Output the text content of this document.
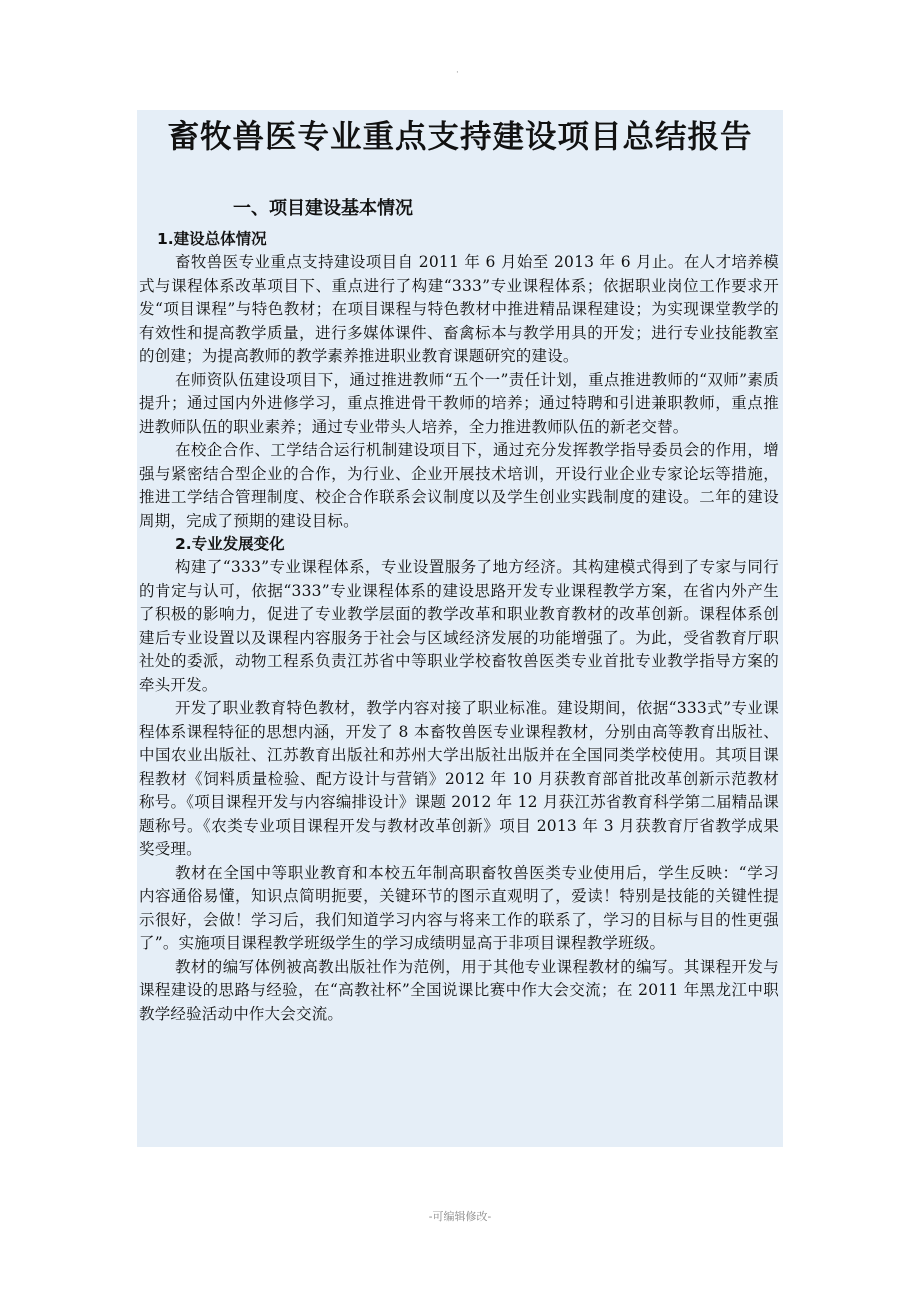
·
畜牧兽医专业重点支持建设项目总结报告
一、项目建设基本情况
1.建设总体情况

畜牧兽医专业重点支持建设项目自 2011 年 6 月始至 2013 年 6 月止。在人才培养模式与课程体系改革项目下、重点进行了构建“333”专业课程体系；依据职业岗位工作要求开发“项目课程”与特色教材；在项目课程与特色教材中推进精品课程建设；为实现课堂教学的有效性和提高教学质量，进行多媒体课件、畜禽标本与教学用具的开发；进行专业技能教室的创建；为提高教师的教学素养推进职业教育课题研究的建设。

在师资队伍建设项目下，通过推进教师“五个一”责任计划，重点推进教师的“双师”素质提升；通过国内外进修学习，重点推进骨干教师的培养；通过特聘和引进兼职教师，重点推进教师队伍的职业素养；通过专业带头人培养，全力推进教师队伍的新老交替。

在校企合作、工学结合运行机制建设项目下，通过充分发挥教学指导委员会的作用，增强与紧密结合型企业的合作，为行业、企业开展技术培训，开设行业企业专家论坛等措施，推进工学结合管理制度、校企合作联系会议制度以及学生创业实践制度的建设。二年的建设周期，完成了预期的建设目标。

2.专业发展变化

构建了“333”专业课程体系，专业设置服务了地方经济。其构建模式得到了专家与同行的肯定与认可，依据“333”专业课程体系的建设思路开发专业课程教学方案，在省内外产生了积极的影响力，促进了专业教学层面的教学改革和职业教育教材的改革创新。课程体系创建后专业设置以及课程内容服务于社会与区域经济发展的功能增强了。为此，受省教育厅职社处的委派，动物工程系负责江苏省中等职业学校畜牧兽医类专业首批专业教学指导方案的牵头开发。

开发了职业教育特色教材，教学内容对接了职业标准。建设期间，依据“333式”专业课程体系课程特征的思想内涵，开发了 8 本畜牧兽医专业课程教材，分别由高等教育出版社、中国农业出版社、江苏教育出版社和苏州大学出版社出版并在全国同类学校使用。其项目课程教材《饲料质量检验、配方设计与营销》2012 年 10 月获教育部首批改革创新示范教材称号。《项目课程开发与内容编排设计》课题 2012 年 12 月获江苏省教育科学第二届精品课题称号。《农类专业项目课程开发与教材改革创新》项目 2013 年 3 月获教育厅省教学成果奖受理。

教材在全国中等职业教育和本校五年制高职畜牧兽医类专业使用后，学生反映：“学习内容通俗易懂，知识点简明扼要，关键环节的图示直观明了，爱读！特别是技能的关键性提示很好，会做！学习后，我们知道学习内容与将来工作的联系了，学习的目标与目的性更强了”。实施项目课程教学班级学生的学习成绩明显高于非项目课程教学班级。

教材的编写体例被高教出版社作为范例，用于其他专业课程教材的编写。其课程开发与课程建设的思路与经验，在“高教社杯”全国说课比赛中作大会交流；在 2011 年黑龙江中职教学经验活动中作大会交流。

-可编辑修改-
